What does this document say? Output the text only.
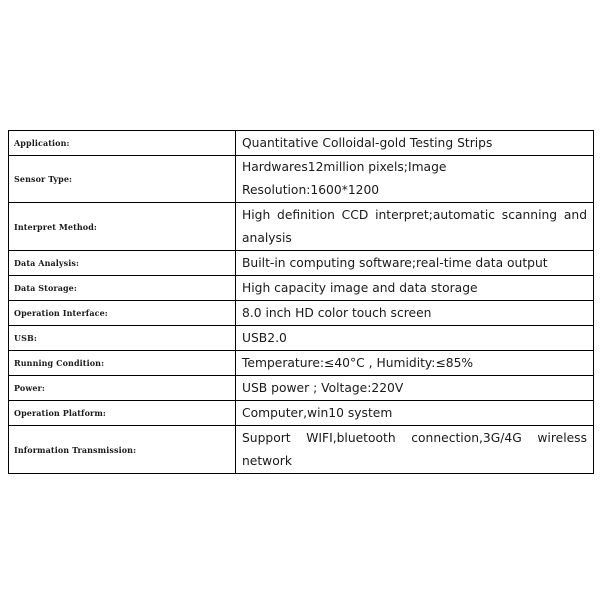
Application:	Quantitative Colloidal-gold Testing Strips
Sensor Type:	Hardwares12million pixels;Image Resolution:1600*1200
Interpret Method:	High definition CCD interpret;automatic scanning and analysis
Data Analysis:	Built-in computing software;real-time data output
Data Storage:	High capacity image and data storage
Operation Interface:	8.0 inch HD color touch screen
USB:	USB2.0
Running Condition:	Temperature:≤40°C , Humidity:≤85%
Power:	USB power ; Voltage:220V
Operation Platform:	Computer,win10 system
Information Transmission:	Support WIFI,bluetooth connection,3G/4G wireless network
